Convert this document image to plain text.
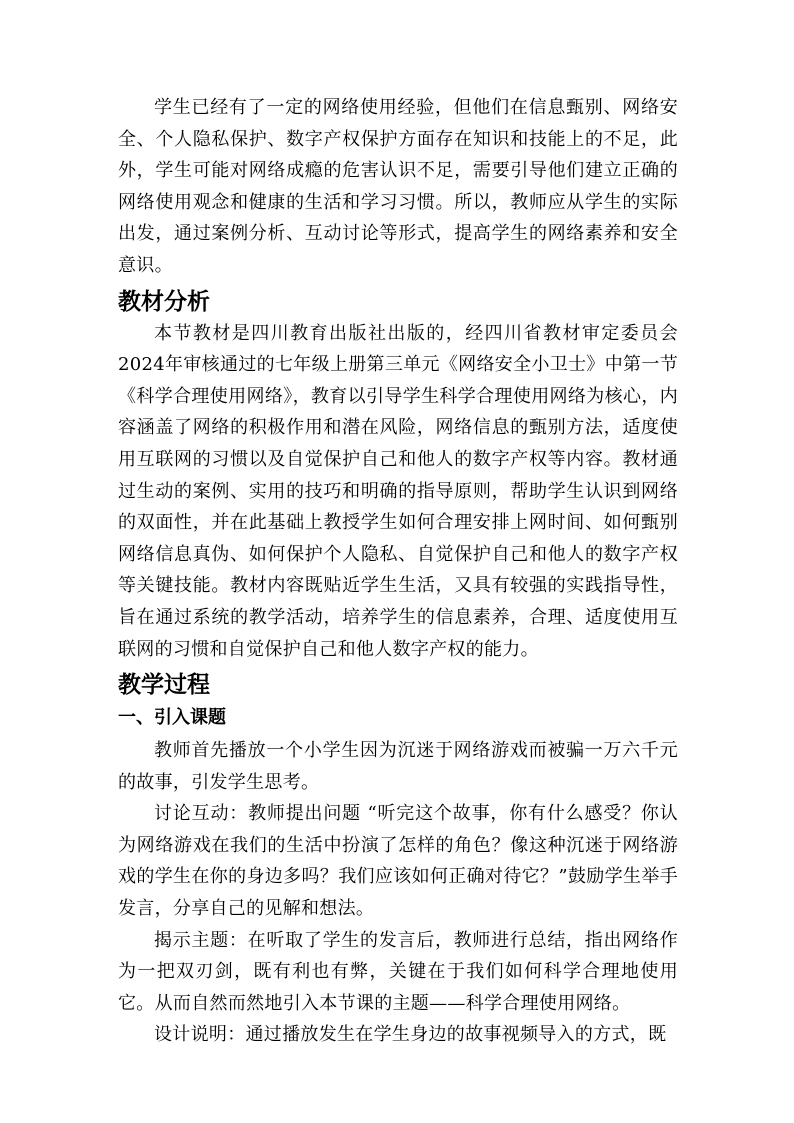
学生已经有了一定的网络使用经验，但他们在信息甄别、网络安全、个人隐私保护、数字产权保护方面存在知识和技能上的不足，此外，学生可能对网络成瘾的危害认识不足，需要引导他们建立正确的网络使用观念和健康的生活和学习习惯。所以，教师应从学生的实际出发，通过案例分析、互动讨论等形式，提高学生的网络素养和安全意识。

教材分析

本节教材是四川教育出版社出版的，经四川省教材审定委员会2024年审核通过的七年级上册第三单元《网络安全小卫士》中第一节《科学合理使用网络》，教育以引导学生科学合理使用网络为核心，内容涵盖了网络的积极作用和潜在风险，网络信息的甄别方法，适度使用互联网的习惯以及自觉保护自己和他人的数字产权等内容。教材通过生动的案例、实用的技巧和明确的指导原则，帮助学生认识到网络的双面性，并在此基础上教授学生如何合理安排上网时间、如何甄别网络信息真伪、如何保护个人隐私、自觉保护自己和他人的数字产权等关键技能。教材内容既贴近学生生活，又具有较强的实践指导性，旨在通过系统的教学活动，培养学生的信息素养，合理、适度使用互联网的习惯和自觉保护自己和他人数字产权的能力。

教学过程
一、引入课题

教师首先播放一个小学生因为沉迷于网络游戏而被骗一万六千元的故事，引发学生思考。

讨论互动：教师提出问题 “听完这个故事，你有什么感受？你认为网络游戏在我们的生活中扮演了怎样的角色？像这种沉迷于网络游戏的学生在你的身边多吗？我们应该如何正确对待它？”鼓励学生举手发言，分享自己的见解和想法。

揭示主题：在听取了学生的发言后，教师进行总结，指出网络作为一把双刃剑，既有利也有弊，关键在于我们如何科学合理地使用它。从而自然而然地引入本节课的主题——科学合理使用网络。

设计说明：通过播放发生在学生身边的故事视频导入的方式，既
